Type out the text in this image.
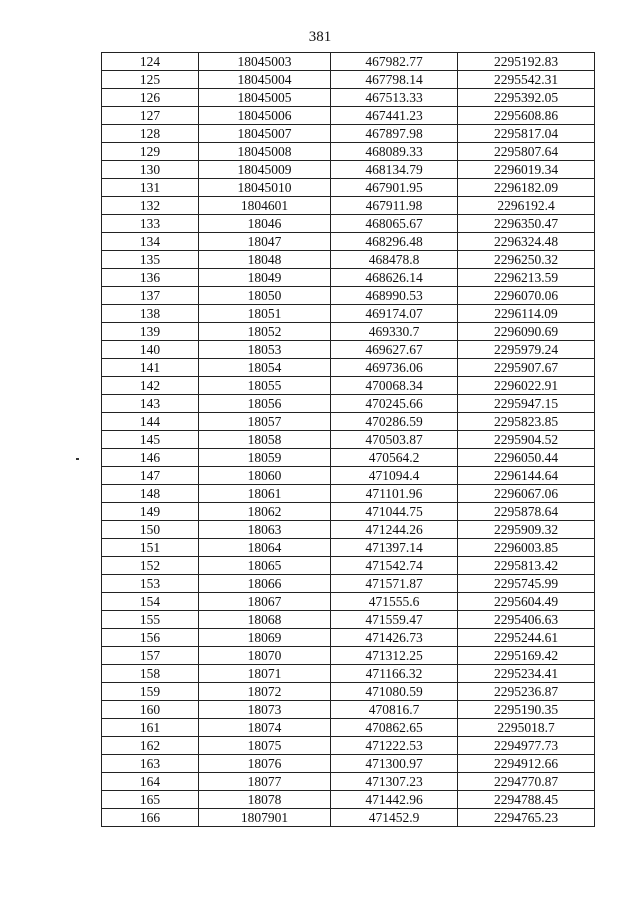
381
124	18045003	467982.77	2295192.83
125	18045004	467798.14	2295542.31
126	18045005	467513.33	2295392.05
127	18045006	467441.23	2295608.86
128	18045007	467897.98	2295817.04
129	18045008	468089.33	2295807.64
130	18045009	468134.79	2296019.34
131	18045010	467901.95	2296182.09
132	1804601	467911.98	2296192.4
133	18046	468065.67	2296350.47
134	18047	468296.48	2296324.48
135	18048	468478.8	2296250.32
136	18049	468626.14	2296213.59
137	18050	468990.53	2296070.06
138	18051	469174.07	2296114.09
139	18052	469330.7	2296090.69
140	18053	469627.67	2295979.24
141	18054	469736.06	2295907.67
142	18055	470068.34	2296022.91
143	18056	470245.66	2295947.15
144	18057	470286.59	2295823.85
145	18058	470503.87	2295904.52
146	18059	470564.2	2296050.44
147	18060	471094.4	2296144.64
148	18061	471101.96	2296067.06
149	18062	471044.75	2295878.64
150	18063	471244.26	2295909.32
151	18064	471397.14	2296003.85
152	18065	471542.74	2295813.42
153	18066	471571.87	2295745.99
154	18067	471555.6	2295604.49
155	18068	471559.47	2295406.63
156	18069	471426.73	2295244.61
157	18070	471312.25	2295169.42
158	18071	471166.32	2295234.41
159	18072	471080.59	2295236.87
160	18073	470816.7	2295190.35
161	18074	470862.65	2295018.7
162	18075	471222.53	2294977.73
163	18076	471300.97	2294912.66
164	18077	471307.23	2294770.87
165	18078	471442.96	2294788.45
166	1807901	471452.9	2294765.23
